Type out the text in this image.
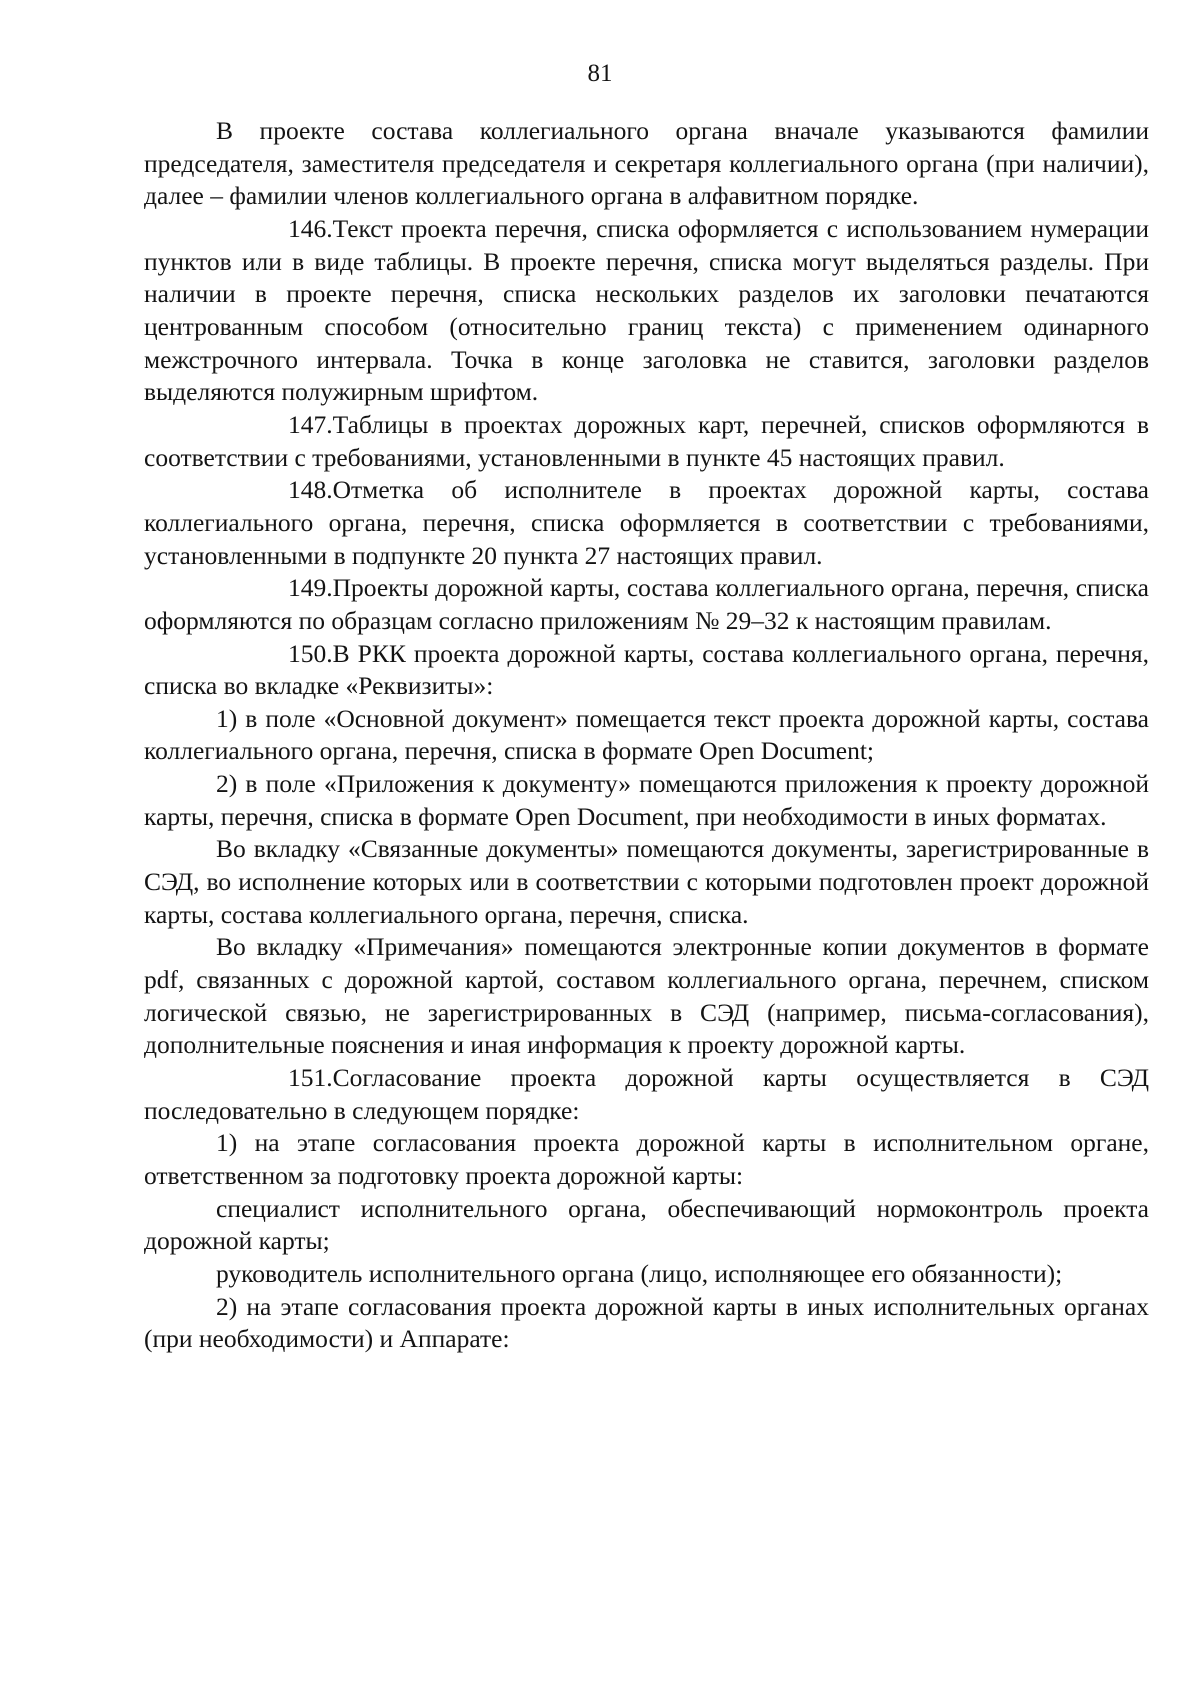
81

В проекте состава коллегиального органа вначале указываются фамилии председателя, заместителя председателя и секретаря коллегиального органа (при наличии), далее – фамилии членов коллегиального органа в алфавитном порядке.

146.Текст проекта перечня, списка оформляется с использованием нумерации пунктов или в виде таблицы. В проекте перечня, списка могут выделяться разделы. При наличии в проекте перечня, списка нескольких разделов их заголовки печатаются центрованным способом (относительно границ текста) с применением одинарного межстрочного интервала. Точка в конце заголовка не ставится, заголовки разделов выделяются полужирным шрифтом.

147.Таблицы в проектах дорожных карт, перечней, списков оформляются в соответствии с требованиями, установленными в пункте 45 настоящих правил.

148.Отметка об исполнителе в проектах дорожной карты, состава коллегиального органа, перечня, списка оформляется в соответствии с требованиями, установленными в подпункте 20 пункта 27 настоящих правил.

149.Проекты дорожной карты, состава коллегиального органа, перечня, списка оформляются по образцам согласно приложениям № 29–32 к настоящим правилам.

150.В РКК проекта дорожной карты, состава коллегиального органа, перечня, списка во вкладке «Реквизиты»:

1) в поле «Основной документ» помещается текст проекта дорожной карты, состава коллегиального органа, перечня, списка в формате Open Document;

2) в поле «Приложения к документу» помещаются приложения к проекту дорожной карты, перечня, списка в формате Open Document, при необходимости в иных форматах.

Во вкладку «Связанные документы» помещаются документы, зарегистрированные в СЭД, во исполнение которых или в соответствии с которыми подготовлен проект дорожной карты, состава коллегиального органа, перечня, списка.

Во вкладку «Примечания» помещаются электронные копии документов в формате pdf, связанных с дорожной картой, составом коллегиального органа, перечнем, списком логической связью, не зарегистрированных в СЭД (например, письма-согласования), дополнительные пояснения и иная информация к проекту дорожной карты.

151.Согласование проекта дорожной карты осуществляется в СЭД последовательно в следующем порядке:

1) на этапе согласования проекта дорожной карты в исполнительном органе, ответственном за подготовку проекта дорожной карты:

специалист исполнительного органа, обеспечивающий нормоконтроль проекта дорожной карты;

руководитель исполнительного органа (лицо, исполняющее его обязанности);

2) на этапе согласования проекта дорожной карты в иных исполнительных органах (при необходимости) и Аппарате:
